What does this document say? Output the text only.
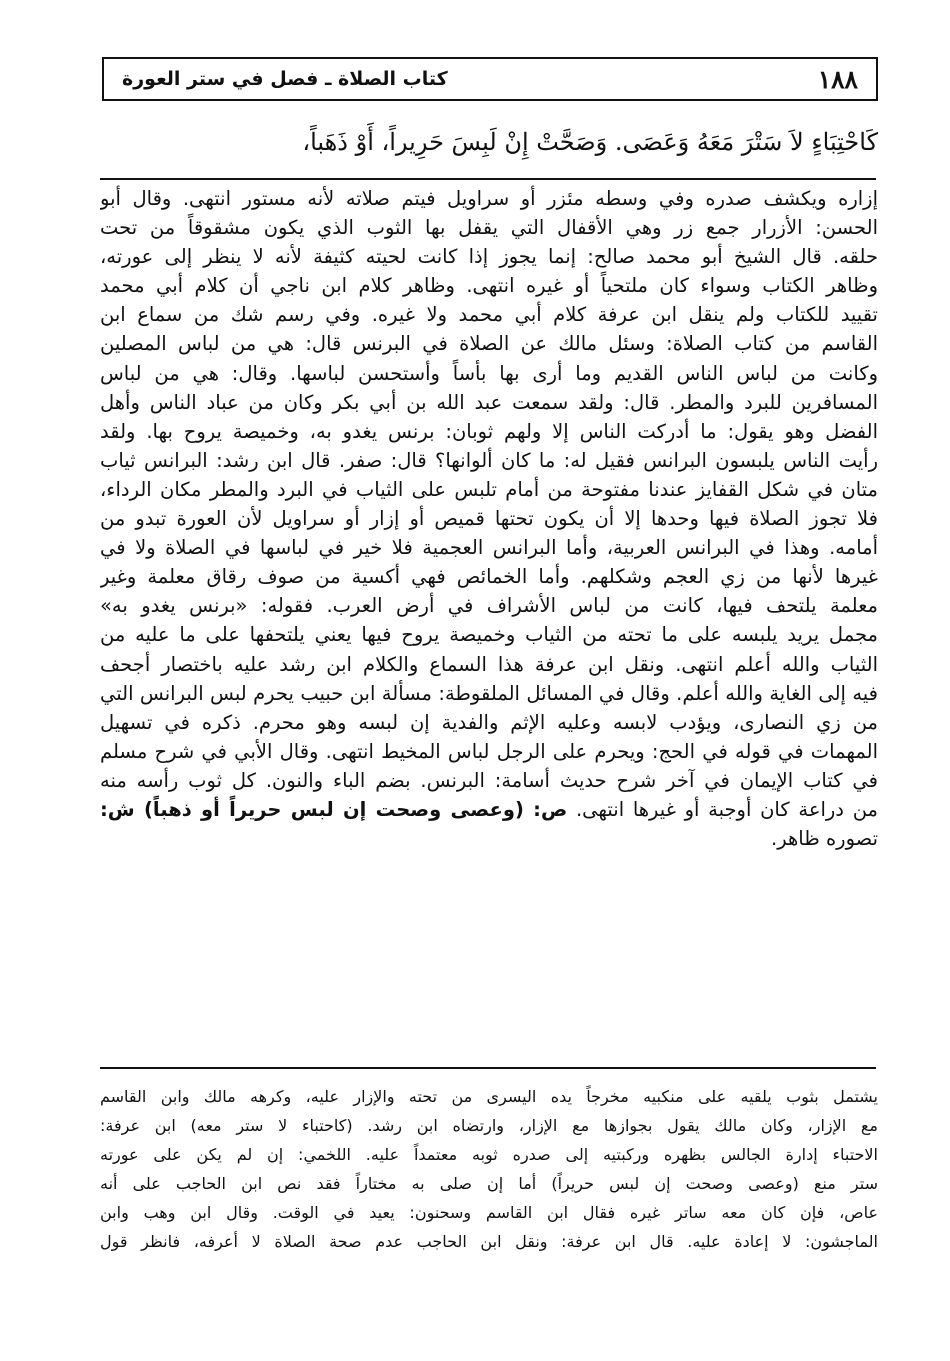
١٨٨
كتاب الصلاة ـ فصل في ستر العورة
كَاحْتِبَاءٍ لاَ سَتْرَ مَعَهُ وَعَصَى. وَصَحَّتْ إِنْ لَبِسَ حَرِيراً، أَوْ ذَهَباً،
إزاره ويكشف صدره وفي وسطه مئزر أو سراويل فيتم صلاته لأنه مستور انتهى. وقال أبو
الحسن: الأزرار جمع زر وهي الأقفال التي يقفل بها الثوب الذي يكون مشقوقاً من تحت
حلقه. قال الشيخ أبو محمد صالح: إنما يجوز إذا كانت لحيته كثيفة لأنه لا ينظر إلى عورته،
وظاهر الكتاب وسواء كان ملتحياً أو غيره انتهى. وظاهر كلام ابن ناجي أن كلام أبي محمد
تقييد للكتاب ولم ينقل ابن عرفة كلام أبي محمد ولا غيره. وفي رسم شك من سماع ابن
القاسم من كتاب الصلاة: وسئل مالك عن الصلاة في البرنس قال: هي من لباس المصلين
وكانت من لباس الناس القديم وما أرى بها بأساً وأستحسن لباسها. وقال: هي من لباس
المسافرين للبرد والمطر. قال: ولقد سمعت عبد الله بن أبي بكر وكان من عباد الناس وأهل
الفضل وهو يقول: ما أدركت الناس إلا ولهم ثوبان: برنس يغدو به، وخميصة يروح بها. ولقد
رأيت الناس يلبسون البرانس فقيل له: ما كان ألوانها؟ قال: صفر. قال ابن رشد: البرانس ثياب
متان في شكل القفايز عندنا مفتوحة من أمام تلبس على الثياب في البرد والمطر مكان الرداء،
فلا تجوز الصلاة فيها وحدها إلا أن يكون تحتها قميص أو إزار أو سراويل لأن العورة تبدو من
أمامه. وهذا في البرانس العربية، وأما البرانس العجمية فلا خير في لباسها في الصلاة ولا في
غيرها لأنها من زي العجم وشكلهم. وأما الخمائص فهي أكسية من صوف رقاق معلمة وغير
معلمة يلتحف فيها، كانت من لباس الأشراف في أرض العرب. فقوله: «برنس يغدو به»
مجمل يريد يلبسه على ما تحته من الثياب وخميصة يروح فيها يعني يلتحفها على ما عليه من
الثياب والله أعلم انتهى. ونقل ابن عرفة هذا السماع والكلام ابن رشد عليه باختصار أجحف
فيه إلى الغاية والله أعلم. وقال في المسائل الملقوطة: مسألة ابن حبيب يحرم لبس البرانس التي
من زي النصارى، ويؤدب لابسه وعليه الإثم والفدية إن لبسه وهو محرم. ذكره في تسهيل
المهمات في قوله في الحج: ويحرم على الرجل لباس المخيط انتهى. وقال الأبي في شرح مسلم
في كتاب الإيمان في آخر شرح حديث أسامة: البرنس. بضم الباء والنون. كل ثوب رأسه منه
من دراعة كان أوجبة أو غيرها انتهى. ص: (وعصى وصحت إن لبس حريراً أو ذهباً) ش:
تصوره ظاهر.
يشتمل بثوب يلقيه على منكبيه مخرجاً يده اليسرى من تحته والإزار عليه، وكرهه مالك وابن القاسم
مع الإزار، وكان مالك يقول بجوازها مع الإزار، وارتضاه ابن رشد. (كاحتباء لا ستر معه) ابن عرفة:
الاحتباء إدارة الجالس بظهره وركبتيه إلى صدره ثوبه معتمداً عليه. اللخمي: إن لم يكن على عورته
ستر منع (وعصى وصحت إن لبس حريراً) أما إن صلى به مختاراً فقد نص ابن الحاجب على أنه
عاص، فإن كان معه ساتر غيره فقال ابن القاسم وسحنون: يعيد في الوقت. وقال ابن وهب وابن
الماجشون: لا إعادة عليه. قال ابن عرفة: ونقل ابن الحاجب عدم صحة الصلاة لا أعرفه، فانظر قول
